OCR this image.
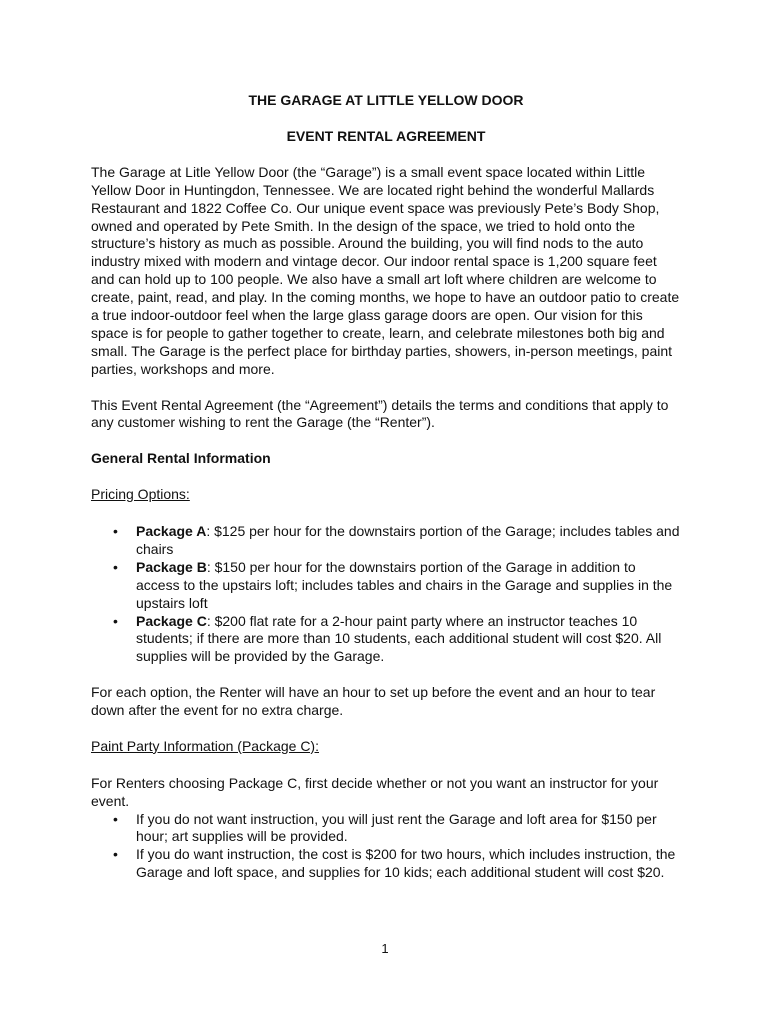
THE GARAGE AT LITTLE YELLOW DOOR
EVENT RENTAL AGREEMENT

The Garage at Litle Yellow Door (the “Garage”) is a small event space located within Little Yellow Door in Huntingdon, Tennessee. We are located right behind the wonderful Mallards Restaurant and 1822 Coffee Co. Our unique event space was previously Pete’s Body Shop, owned and operated by Pete Smith. In the design of the space, we tried to hold onto the structure’s history as much as possible. Around the building, you will find nods to the auto industry mixed with modern and vintage decor. Our indoor rental space is 1,200 square feet and can hold up to 100 people. We also have a small art loft where children are welcome to create, paint, read, and play. In the coming months, we hope to have an outdoor patio to create a true indoor-outdoor feel when the large glass garage doors are open. Our vision for this space is for people to gather together to create, learn, and celebrate milestones both big and small. The Garage is the perfect place for birthday parties, showers, in-person meetings, paint parties, workshops and more.

This Event Rental Agreement (the “Agreement”) details the terms and conditions that apply to any customer wishing to rent the Garage (the “Renter”).

General Rental Information
Pricing Options:
• Package A: $125 per hour for the downstairs portion of the Garage; includes tables and chairs
• Package B: $150 per hour for the downstairs portion of the Garage in addition to access to the upstairs loft; includes tables and chairs in the Garage and supplies in the upstairs loft
• Package C: $200 flat rate for a 2-hour paint party where an instructor teaches 10 students; if there are more than 10 students, each additional student will cost $20. All supplies will be provided by the Garage.

For each option, the Renter will have an hour to set up before the event and an hour to tear down after the event for no extra charge.

Paint Party Information (Package C):

For Renters choosing Package C, first decide whether or not you want an instructor for your event.

• If you do not want instruction, you will just rent the Garage and loft area for $150 per hour; art supplies will be provided.
• If you do want instruction, the cost is $200 for two hours, which includes instruction, the Garage and loft space, and supplies for 10 kids; each additional student will cost $20.
1
